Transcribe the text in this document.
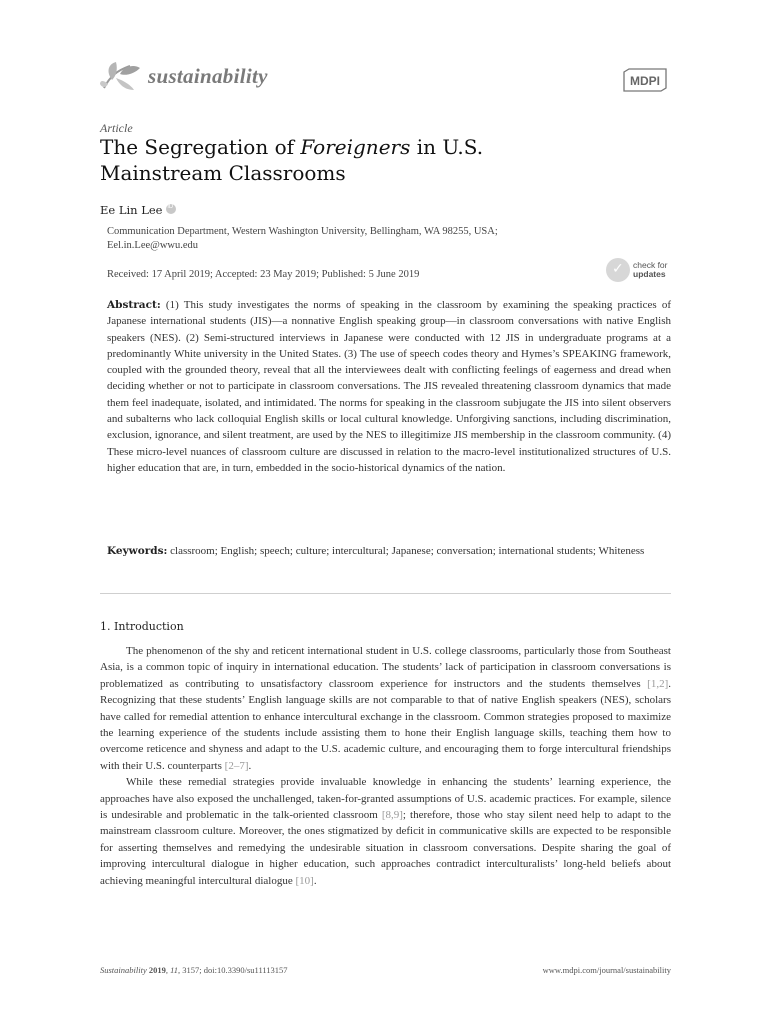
sustainability	MDPI
Article
The Segregation of Foreigners in U.S.
Mainstream Classrooms
Ee Lin Lee
iD
Communication Department, Western Washington University, Bellingham, WA 98255, USA;
Eel.in.Lee@wwu.edu
Received: 17 April 2019; Accepted: 23 May 2019; Published: 5 June 2019
✓
check for
updates
Abstract: (1) This study investigates the norms of speaking in the classroom by examining the speaking practices of Japanese international students (JIS)—a nonnative English speaking group—in classroom conversations with native English speakers (NES). (2) Semi-structured interviews in Japanese were conducted with 12 JIS in undergraduate programs at a predominantly White university in the United States. (3) The use of speech codes theory and Hymes’s SPEAKING framework, coupled with the grounded theory, reveal that all the interviewees dealt with conflicting feelings of eagerness and dread when deciding whether or not to participate in classroom conversations. The JIS revealed threatening classroom dynamics that made them feel inadequate, isolated, and intimidated. The norms for speaking in the classroom subjugate the JIS into silent observers and subalterns who lack colloquial English skills or local cultural knowledge. Unforgiving sanctions, including discrimination, exclusion, ignorance, and silent treatment, are used by the NES to illegitimize JIS membership in the classroom community. (4) These micro-level nuances of classroom culture are discussed in relation to the macro-level institutionalized structures of U.S. higher education that are, in turn, embedded in the socio-historical dynamics of the nation.
Keywords: classroom; English; speech; culture; intercultural; Japanese; conversation; international students; Whiteness
1. Introduction

The phenomenon of the shy and reticent international student in U.S. college classrooms, particularly those from Southeast Asia, is a common topic of inquiry in international education. The students’ lack of participation in classroom conversations is problematized as contributing to unsatisfactory classroom experience for instructors and the students themselves [1,2]. Recognizing that these students’ English language skills are not comparable to that of native English speakers (NES), scholars have called for remedial attention to enhance intercultural exchange in the classroom. Common strategies proposed to maximize the learning experience of the students include assisting them to hone their English language skills, teaching them how to overcome reticence and shyness and adapt to the U.S. academic culture, and encouraging them to forge intercultural friendships with their U.S. counterparts [2–7].

While these remedial strategies provide invaluable knowledge in enhancing the students’ learning experience, the approaches have also exposed the unchallenged, taken-for-granted assumptions of U.S. academic practices. For example, silence is undesirable and problematic in the talk-oriented classroom [8,9]; therefore, those who stay silent need help to adapt to the mainstream classroom culture. Moreover, the ones stigmatized by deficit in communicative skills are expected to be responsible for asserting themselves and remedying the undesirable situation in classroom conversations. Despite sharing the goal of improving intercultural dialogue in higher education, such approaches contradict interculturalists’ long-held beliefs about achieving meaningful intercultural dialogue [10].

Sustainability 2019, 11, 3157; doi:10.3390/su11113157	www.mdpi.com/journal/sustainability
